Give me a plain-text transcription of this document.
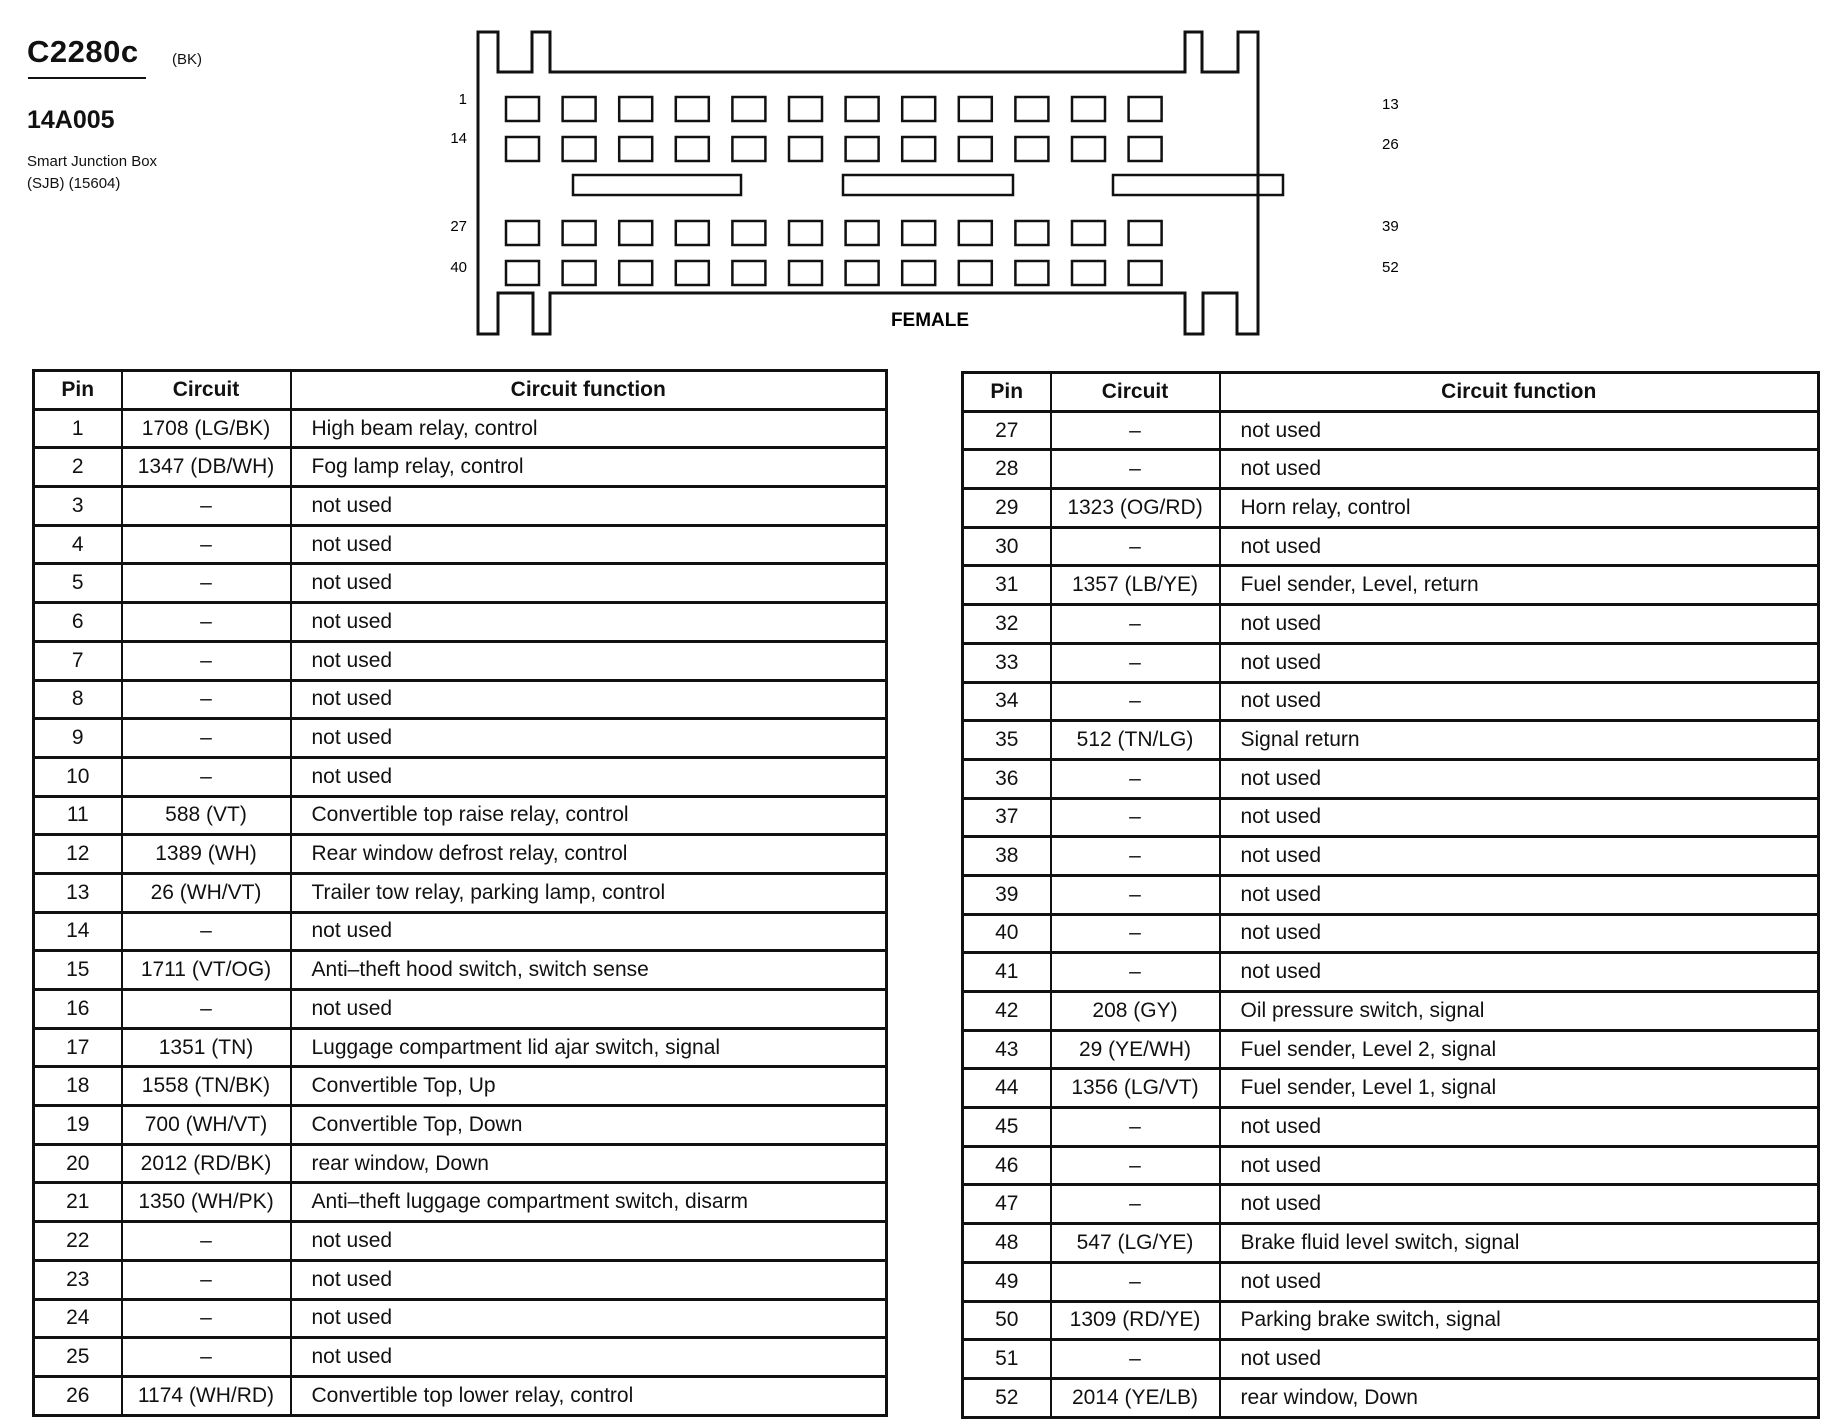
C2280c (BK)
14A005
Smart Junction Box
(SJB) (15604)
1
14
27
40
13
26
39
52
FEMALE
Pin	Circuit	Circuit function
1	1708 (LG/BK)	High beam relay, control
2	1347 (DB/WH)	Fog lamp relay, control
3	–	not used
4	–	not used
5	–	not used
6	–	not used
7	–	not used
8	–	not used
9	–	not used
10	–	not used
11	588 (VT)	Convertible top raise relay, control
12	1389 (WH)	Rear window defrost relay, control
13	26 (WH/VT)	Trailer tow relay, parking lamp, control
14	–	not used
15	1711 (VT/OG)	Anti–theft hood switch, switch sense
16	–	not used
17	1351 (TN)	Luggage compartment lid ajar switch, signal
18	1558 (TN/BK)	Convertible Top, Up
19	700 (WH/VT)	Convertible Top, Down
20	2012 (RD/BK)	rear window, Down
21	1350 (WH/PK)	Anti–theft luggage compartment switch, disarm
22	–	not used
23	–	not used
24	–	not used
25	–	not used
26	1174 (WH/RD)	Convertible top lower relay, control
Pin	Circuit	Circuit function
27	–	not used
28	–	not used
29	1323 (OG/RD)	Horn relay, control
30	–	not used
31	1357 (LB/YE)	Fuel sender, Level, return
32	–	not used
33	–	not used
34	–	not used
35	512 (TN/LG)	Signal return
36	–	not used
37	–	not used
38	–	not used
39	–	not used
40	–	not used
41	–	not used
42	208 (GY)	Oil pressure switch, signal
43	29 (YE/WH)	Fuel sender, Level 2, signal
44	1356 (LG/VT)	Fuel sender, Level 1, signal
45	–	not used
46	–	not used
47	–	not used
48	547 (LG/YE)	Brake fluid level switch, signal
49	–	not used
50	1309 (RD/YE)	Parking brake switch, signal
51	–	not used
52	2014 (YE/LB)	rear window, Down
